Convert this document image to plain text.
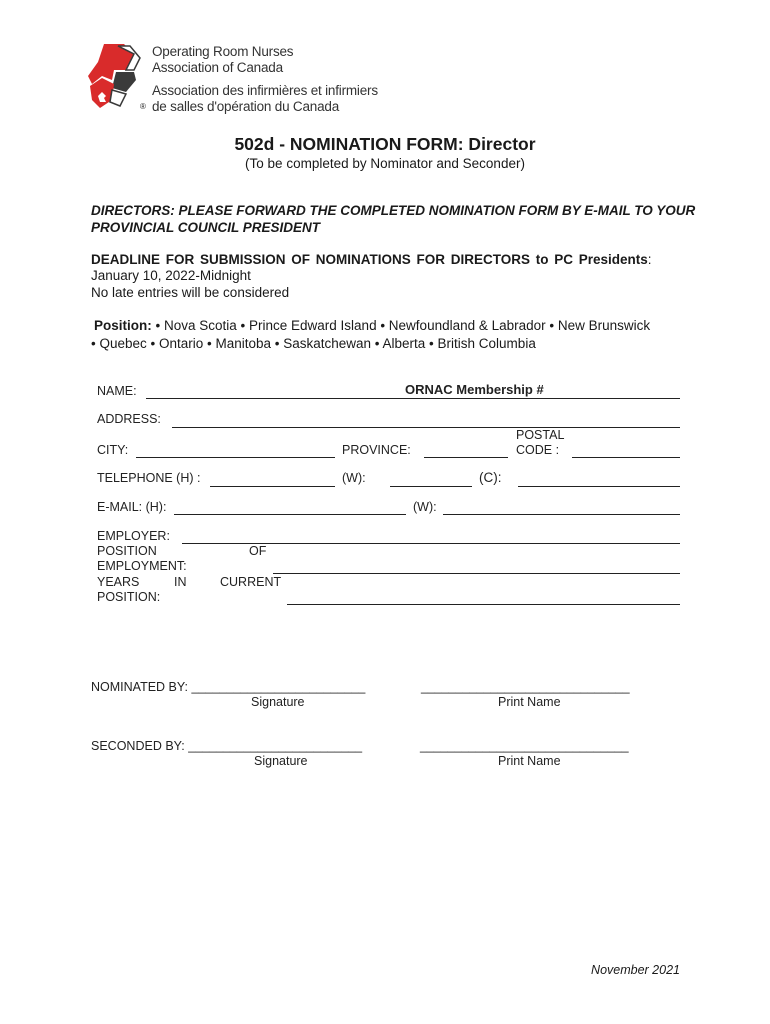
®
Operating Room Nurses
Association of Canada
Association des infirmières et infirmiers
de salles d'opération du Canada
502d - NOMINATION FORM: Director
(To be completed by Nominator and Seconder)
DIRECTORS: PLEASE FORWARD THE COMPLETED NOMINATION FORM BY E-MAIL TO YOUR PROVINCIAL COUNCIL PRESIDENT
DEADLINE FOR SUBMISSION OF NOMINATIONS FOR DIRECTORS to PC Presidents:
January 10, 2022-Midnight
No late entries will be considered
Position: • Nova Scotia • Prince Edward Island • Newfoundland & Labrador • New Brunswick
• Quebec • Ontario • Manitoba • Saskatchewan • Alberta • British Columbia
NAME:	ORNAC Membership #
ADDRESS:
CITY:	PROVINCE:
POSTAL
CODE :
TELEPHONE (H) :	(W):	(C):
E-MAIL: (H):	(W):
EMPLOYER:
POSITION	OF
EMPLOYMENT:
YEARS	IN	CURRENT
POSITION:
NOMINATED BY: _________________________	______________________________
Signature	Print Name
SECONDED BY: _________________________	______________________________
Signature	Print Name
November 2021
